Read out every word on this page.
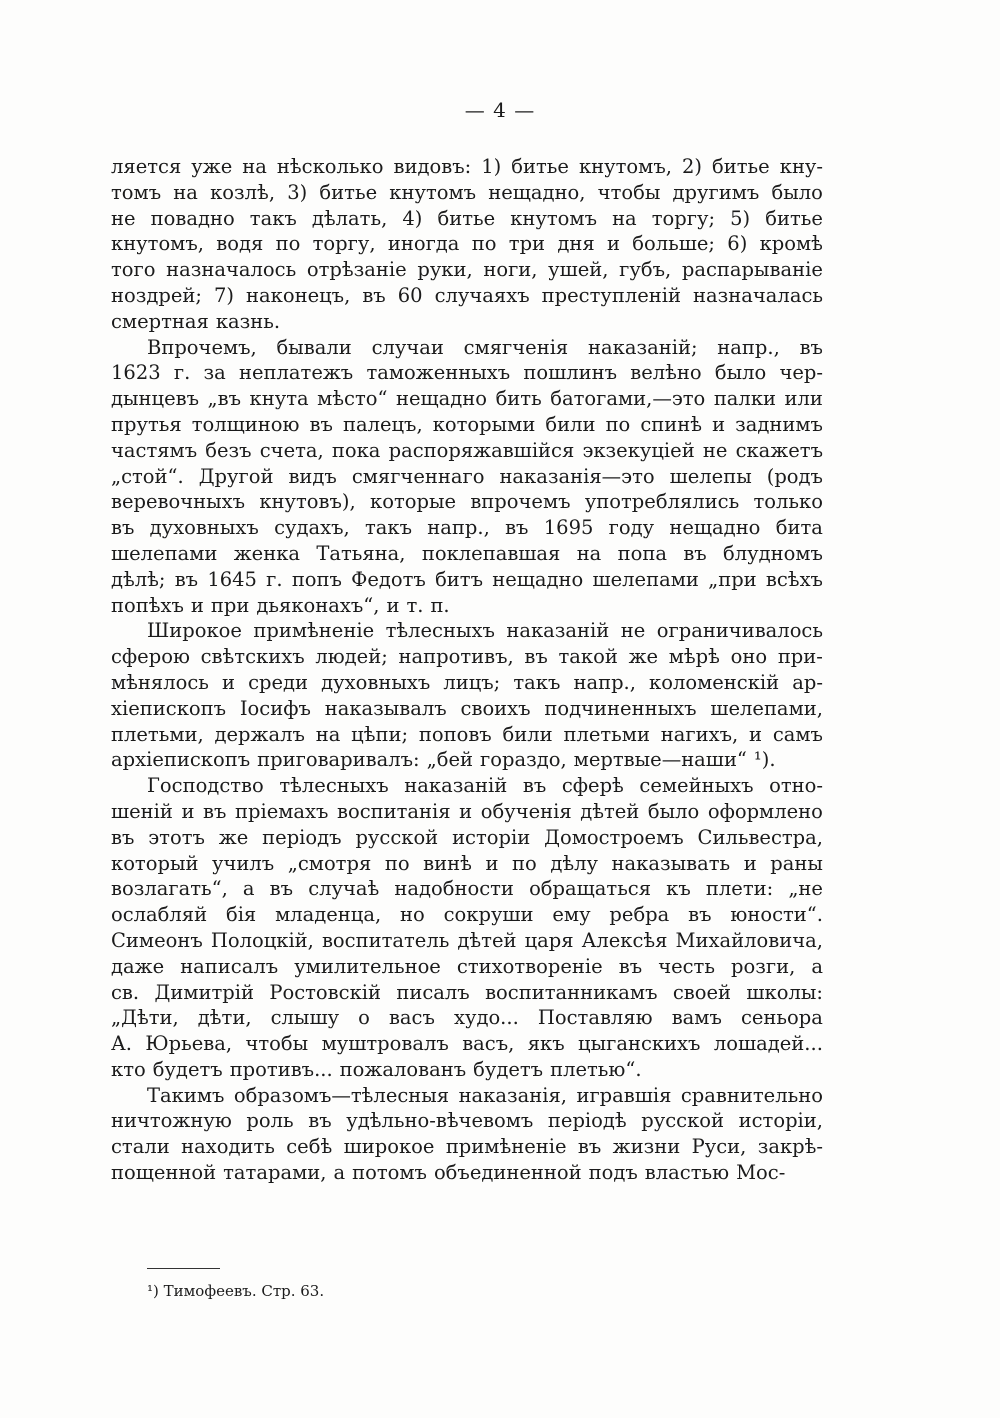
— 4 —
ляется уже на нѣсколько видовъ: 1) битье кнутомъ, 2) битье кну-
томъ на козлѣ, 3) битье кнутомъ нещадно, чтобы другимъ было
не повадно такъ дѣлать, 4) битье кнутомъ на торгу; 5) битье
кнутомъ, водя по торгу, иногда по три дня и больше; 6) кромѣ
того назначалось отрѣзаніе руки, ноги, ушей, губъ, распарываніе
ноздрей; 7) наконецъ, въ 60 случаяхъ преступленій назначалась
смертная казнь.
Впрочемъ, бывали случаи смягченія наказаній; напр., въ
1623 г. за неплатежъ таможенныхъ пошлинъ велѣно было чер-
дынцевъ „въ кнута мѣсто“ нещадно бить батогами,—это палки или
прутья толщиною въ палецъ, которыми били по спинѣ и заднимъ
частямъ безъ счета, пока распоряжавшійся экзекуціей не скажетъ
„стой“. Другой видъ смягченнаго наказанія—это шелепы (родъ
веревочныхъ кнутовъ), которые впрочемъ употреблялись только
въ духовныхъ судахъ, такъ напр., въ 1695 году нещадно бита
шелепами женка Татьяна, поклепавшая на попа въ блудномъ
дѣлѣ; въ 1645 г. попъ Федотъ битъ нещадно шелепами „при всѣхъ
попѣхъ и при дьяконахъ“, и т. п.
Широкое примѣненіе тѣлесныхъ наказаній не ограничивалось
сферою свѣтскихъ людей; напротивъ, въ такой же мѣрѣ оно при-
мѣнялось и среди духовныхъ лицъ; такъ напр., коломенскій ар-
хіепископъ Іосифъ наказывалъ своихъ подчиненныхъ шелепами,
плетьми, держалъ на цѣпи; поповъ били плетьми нагихъ, и самъ
архіепископъ приговаривалъ: „бей гораздо, мертвые—наши“ ¹).
Господство тѣлесныхъ наказаній въ сферѣ семейныхъ отно-
шеній и въ пріемахъ воспитанія и обученія дѣтей было оформлено
въ этотъ же періодъ русской исторіи Домостроемъ Сильвестра,
который училъ „смотря по винѣ и по дѣлу наказывать и раны
возлагать“, а въ случаѣ надобности обращаться къ плети: „не
ослабляй бія младенца, но сокруши ему ребра въ юности“.
Симеонъ Полоцкій, воспитатель дѣтей царя Алексѣя Михайловича,
даже написалъ умилительное стихотвореніе въ честь розги, а
св. Димитрій Ростовскій писалъ воспитанникамъ своей школы:
„Дѣти, дѣти, слышу о васъ худо... Поставляю вамъ сеньора
А. Юрьева, чтобы муштровалъ васъ, якъ цыганскихъ лошадей...
кто будетъ противъ... пожалованъ будетъ плетью“.
Такимъ образомъ—тѣлесныя наказанія, игравшія сравнительно
ничтожную роль въ удѣльно-вѣчевомъ періодѣ русской исторіи,
стали находить себѣ широкое примѣненіе въ жизни Руси, закрѣ-
пощенной татарами, а потомъ объединенной подъ властью Мос-
¹) Тимофеевъ. Стр. 63.
